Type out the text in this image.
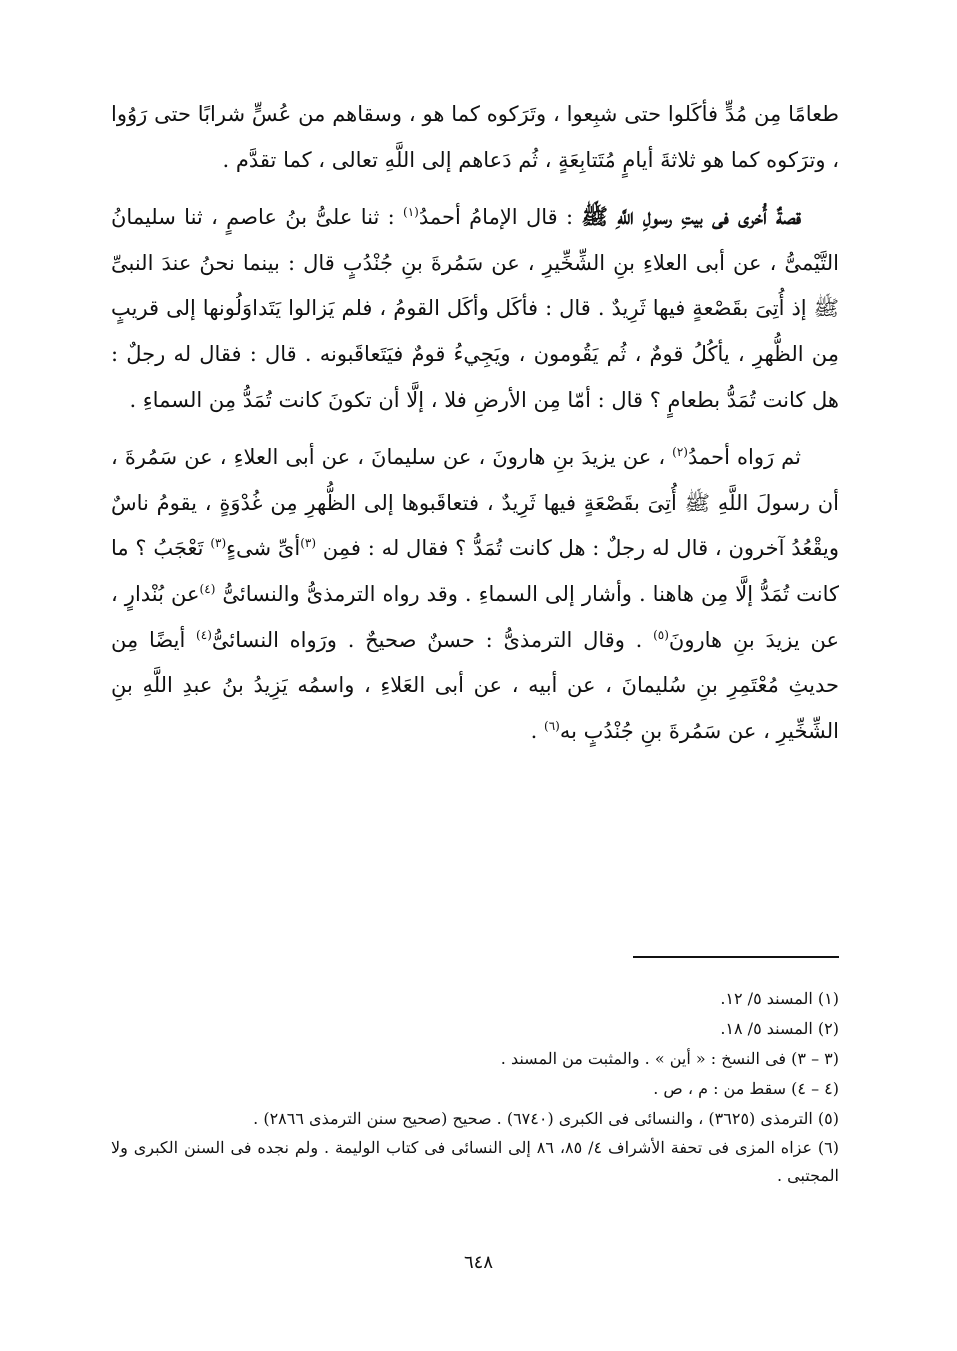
طعامًا مِن مُدٍّ فأكَلوا حتى شبِعوا ، وتَرَكوه كما هو ، وسقاهم من عُسٍّ شرابًا حتى رَوُوا ، وترَكوه كما هو ثلاثةَ أيامٍ مُتَتابِعَةٍ ، ثُم دَعاهم إلى اللَّهِ تعالى ، كما تقدَّم .

قصةٌ أُخرى فى بيتِ رسولِ اللَّهِ ﷺ : قال الإمامُ أحمدُ$^{(١)}$ : ثنا علىُّ بنُ عاصمٍ ، ثنا سليمانُ التَّيْمىُّ ، عن أبى العلاءِ بنِ الشِّخِّيرِ ، عن سَمُرةَ بنِ جُنْدُبٍ قال : بينما نحنُ عندَ النبىِّ ﷺ إذ أُتِىَ بقَصْعةٍ فيها ثَرِيدٌ . قال : فأكَل وأكَل القومُ ، فلم يَزالوا يَتَداوَلُونها إلى قريبٍ مِن الظُّهرِ ، يأكُلُ قومٌ ، ثُم يَقُومون ، ويَجِيءُ قومٌ فيَتَعاقَبونه . قال : فقال له رجلٌ : هل كانت تُمَدُّ بطعامٍ ؟ قال : أمّا مِن الأرضِ فلا ، إلَّا أن تكونَ كانت تُمَدُّ مِن السماءِ .

ثم رَواه أحمدُ$^{(٢)}$ ، عن يزيدَ بنِ هارونَ ، عن سليمانَ ، عن أبى العلاءِ ، عن سَمُرةَ ، أن رسولَ اللَّهِ ﷺ أُتِىَ بقَصْعَةٍ فيها ثَرِيدٌ ، فتعاقَبوها إلى الظُّهرِ مِن غُدْوَةٍ ، يقومُ ناسٌ ويقْعُدُ آخرون ، قال له رجلٌ : هل كانت تُمَدُّ ؟ فقال له : فمِن $^{(٣)}$أىِّ شىءٍ$^{(٣)}$ تَعْجَبُ ؟ ما كانت تُمَدُّ إلَّا مِن هاهنا . وأشار إلى السماءِ . وقد رواه الترمذىُّ والنسائىُّ $^{(٤)}$عن بُنْدارٍ ، عن يزيدَ بنِ هارونَ$^{(٥)}$ . وقال الترمذىُّ : حسنٌ صحيحٌ . ورَواه النسائىُّ$^{(٤)}$ أيضًا مِن حديثِ مُعْتَمِرِ بنِ سُليمانَ ، عن أبيه ، عن أبى العَلاءِ ، واسمُه يَزِيدُ بنُ عبدِ اللَّهِ بنِ الشِّخِّيرِ ، عن سَمُرةَ بنِ جُنْدُبٍ به$^{(٦)}$ .

(١) المسند ٥/ ١٢.
(٢) المسند ٥/ ١٨.
(٣ – ٣) فى النسخ : « أين » . والمثبت من المسند .
(٤ – ٤) سقط من : م ، ص .
(٥) الترمذى (٣٦٢٥) ، والنسائى فى الكبرى (٦٧٤٠) . صحيح (صحيح سنن الترمذى ٢٨٦٦) .
(٦) عزاه المزى فى تحفة الأشراف ٤/ ٨٥، ٨٦ إلى النسائى فى كتاب الوليمة . ولم نجده فى السنن الكبرى ولا المجتبى .
٦٤٨
